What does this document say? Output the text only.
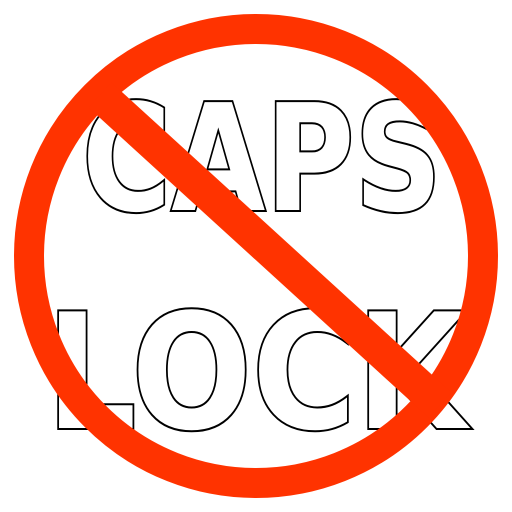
CAPS
LOCK
